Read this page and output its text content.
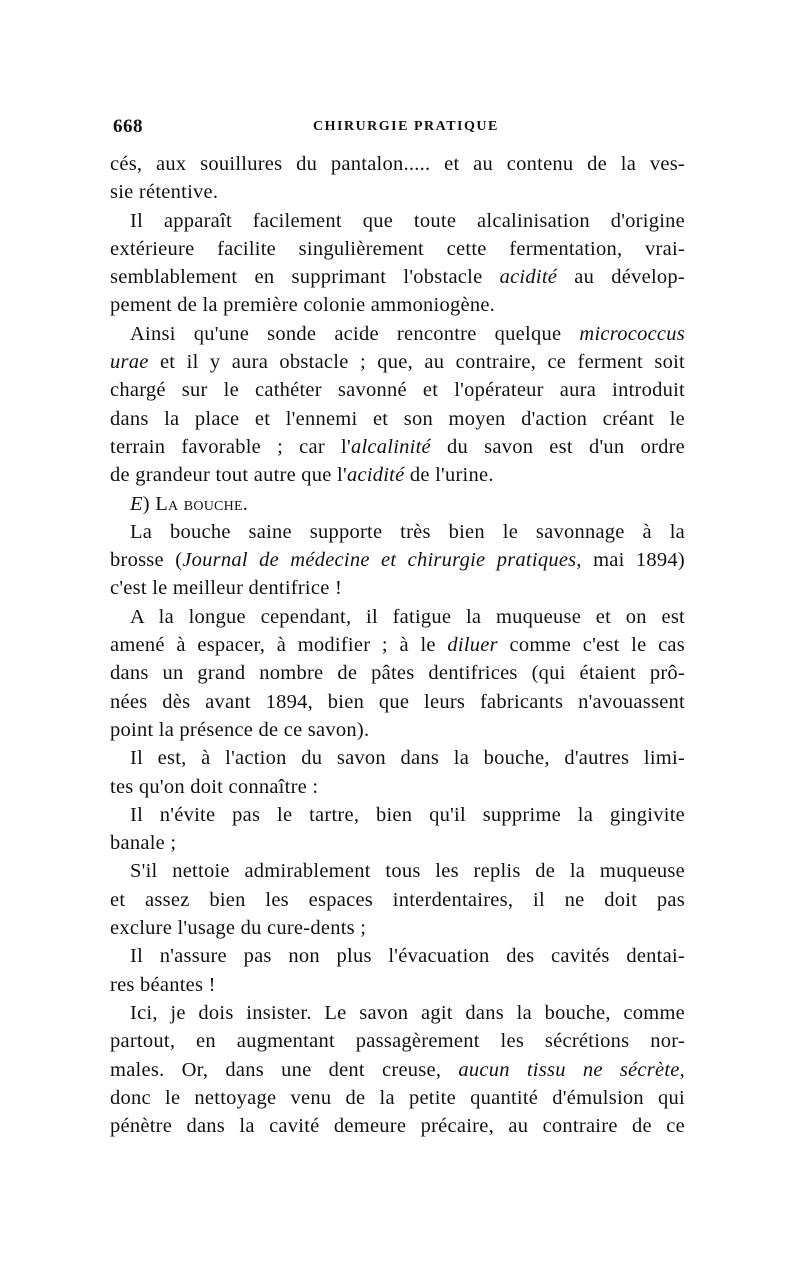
668	CHIRURGIE PRATIQUE
cés, aux souillures du pantalon..... et au contenu de la ves-
sie rétentive.
Il apparaît facilement que toute alcalinisation d'origine
extérieure facilite singulièrement cette fermentation, vrai-
semblablement en supprimant l'obstacle acidité au dévelop-
pement de la première colonie ammoniogène.
Ainsi qu'une sonde acide rencontre quelque micrococcus
urae et il y aura obstacle ; que, au contraire, ce ferment soit
chargé sur le cathéter savonné et l'opérateur aura introduit
dans la place et l'ennemi et son moyen d'action créant le
terrain favorable ; car l'alcalinité du savon est d'un ordre
de grandeur tout autre que l'acidité de l'urine.
E) La bouche.
La bouche saine supporte très bien le savonnage à la
brosse (Journal de médecine et chirurgie pratiques, mai 1894)
c'est le meilleur dentifrice !
A la longue cependant, il fatigue la muqueuse et on est
amené à espacer, à modifier ; à le diluer comme c'est le cas
dans un grand nombre de pâtes dentifrices (qui étaient prô-
nées dès avant 1894, bien que leurs fabricants n'avouassent
point la présence de ce savon).
Il est, à l'action du savon dans la bouche, d'autres limi-
tes qu'on doit connaître :
Il n'évite pas le tartre, bien qu'il supprime la gingivite
banale ;
S'il nettoie admirablement tous les replis de la muqueuse
et assez bien les espaces interdentaires, il ne doit pas
exclure l'usage du cure-dents ;
Il n'assure pas non plus l'évacuation des cavités dentai-
res béantes !
Ici, je dois insister. Le savon agit dans la bouche, comme
partout, en augmentant passagèrement les sécrétions nor-
males. Or, dans une dent creuse, aucun tissu ne sécrète,
donc le nettoyage venu de la petite quantité d'émulsion qui
pénètre dans la cavité demeure précaire, au contraire de ce
